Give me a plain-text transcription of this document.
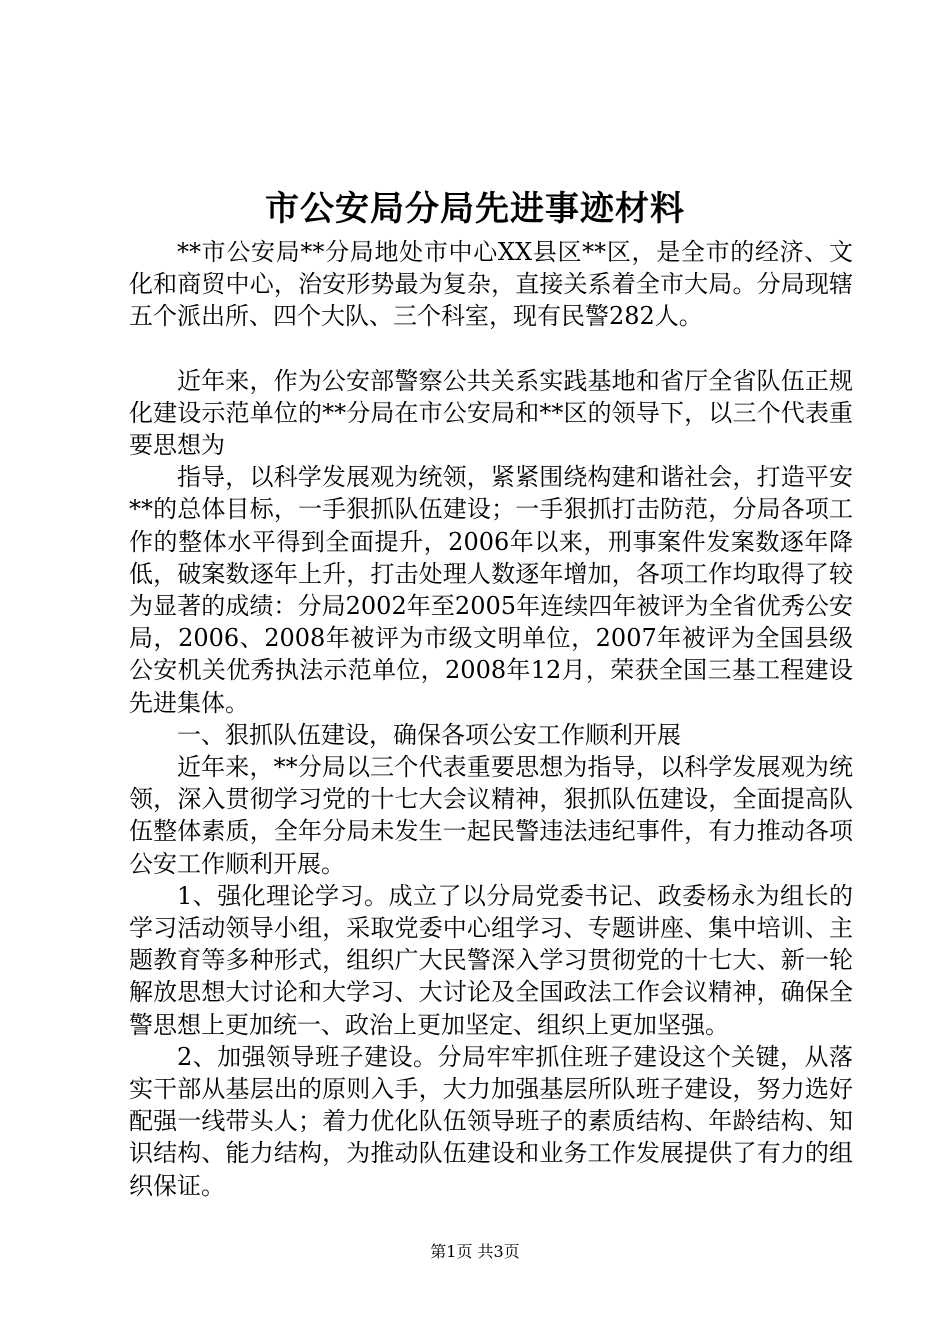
市公安局分局先进事迹材料

**市公安局**分局地处市中心XX县区**区，是全市的经济、文化和商贸中心，治安形势最为复杂，直接关系着全市大局。分局现辖五个派出所、四个大队、三个科室，现有民警282人。

近年来，作为公安部警察公共关系实践基地和省厅全省队伍正规化建设示范单位的**分局在市公安局和**区的领导下，以三个代表重要思想为

指导，以科学发展观为统领，紧紧围绕构建和谐社会，打造平安**的总体目标，一手狠抓队伍建设；一手狠抓打击防范，分局各项工作的整体水平得到全面提升，2006年以来，刑事案件发案数逐年降低，破案数逐年上升，打击处理人数逐年增加，各项工作均取得了较为显著的成绩：分局2002年至2005年连续四年被评为全省优秀公安局，2006、2008年被评为市级文明单位，2007年被评为全国县级公安机关优秀执法示范单位，2008年12月，荣获全国三基工程建设先进集体。

一、狠抓队伍建设，确保各项公安工作顺利开展

近年来，**分局以三个代表重要思想为指导，以科学发展观为统领，深入贯彻学习党的十七大会议精神，狠抓队伍建设，全面提高队伍整体素质，全年分局未发生一起民警违法违纪事件，有力推动各项公安工作顺利开展。

1、强化理论学习。成立了以分局党委书记、政委杨永为组长的学习活动领导小组，采取党委中心组学习、专题讲座、集中培训、主题教育等多种形式，组织广大民警深入学习贯彻党的十七大、新一轮解放思想大讨论和大学习、大讨论及全国政法工作会议精神，确保全警思想上更加统一、政治上更加坚定、组织上更加坚强。

2、加强领导班子建设。分局牢牢抓住班子建设这个关键，从落实干部从基层出的原则入手，大力加强基层所队班子建设，努力选好配强一线带头人；着力优化队伍领导班子的素质结构、年龄结构、知识结构、能力结构，为推动队伍建设和业务工作发展提供了有力的组织保证。

第1页 共3页
